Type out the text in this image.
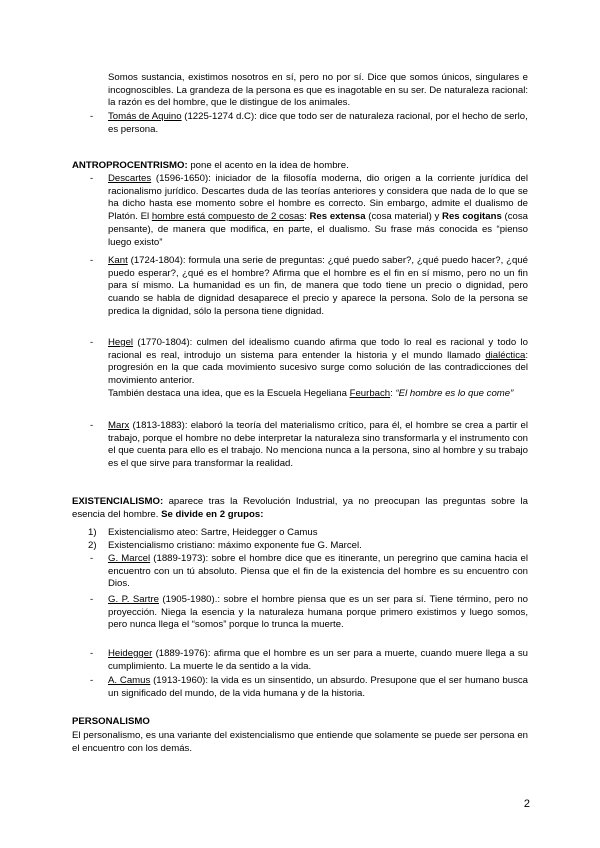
Somos sustancia, existimos nosotros en sí, pero no por sí. Dice que somos únicos, singulares e incognoscibles. La grandeza de la persona es que es inagotable en su ser. De naturaleza racional: la razón es del hombre, que le distingue de los animales.

- Tomás de Aquino (1225-1274 d.C): dice que todo ser de naturaleza racional, por el hecho de serlo, es persona.

ANTROPROCENTRISMO: pone el acento en la idea de hombre.

- Descartes (1596-1650): iniciador de la filosofía moderna, dio origen a la corriente jurídica del racionalismo jurídico. Descartes duda de las teorías anteriores y considera que nada de lo que se ha dicho hasta ese momento sobre el hombre es correcto. Sin embargo, admite el dualismo de Platón. El hombre está compuesto de 2 cosas: Res extensa (cosa material) y Res cogitans (cosa pensante), de manera que modifica, en parte, el dualismo. Su frase más conocida es “pienso luego existo”

- Kant (1724-1804): formula una serie de preguntas: ¿qué puedo saber?, ¿qué puedo hacer?, ¿qué puedo esperar?, ¿qué es el hombre? Afirma que el hombre es el fin en sí mismo, pero no un fin para sí mismo. La humanidad es un fin, de manera que todo tiene un precio o dignidad, pero cuando se habla de dignidad desaparece el precio y aparece la persona. Solo de la persona se predica la dignidad, sólo la persona tiene dignidad.

- Hegel (1770-1804): culmen del idealismo cuando afirma que todo lo real es racional y todo lo racional es real, introdujo un sistema para entender la historia y el mundo llamado dialéctica: progresión en la que cada movimiento sucesivo surge como solución de las contradicciones del movimiento anterior.

También destaca una idea, que es la Escuela Hegeliana Feurbach: “El hombre es lo que come”

- Marx (1813-1883): elaboró la teoría del materialismo crítico, para él, el hombre se crea a partir el trabajo, porque el hombre no debe interpretar la naturaleza sino transformarla y el instrumento con el que cuenta para ello es el trabajo. No menciona nunca a la persona, sino al hombre y su trabajo es el que sirve para transformar la realidad.

EXISTENCIALISMO: aparece tras la Revolución Industrial, ya no preocupan las preguntas sobre la esencia del hombre. Se divide en 2 grupos:

1) Existencialismo ateo: Sartre, Heidegger o Camus

2) Existencialismo cristiano: máximo exponente fue G. Marcel.

- G. Marcel (1889-1973): sobre el hombre dice que es itinerante, un peregrino que camina hacia el encuentro con un tú absoluto. Piensa que el fin de la existencia del hombre es su encuentro con Dios.

- G. P. Sartre (1905-1980).: sobre el hombre piensa que es un ser para sí. Tiene término, pero no proyección. Niega la esencia y la naturaleza humana porque primero existimos y luego somos, pero nunca llega el “somos” porque lo trunca la muerte.

- Heidegger (1889-1976): afirma que el hombre es un ser para a muerte, cuando muere llega a su cumplimiento. La muerte le da sentido a la vida.

- A. Camus (1913-1960): la vida es un sinsentido, un absurdo. Presupone que el ser humano busca un significado del mundo, de la vida humana y de la historia.

PERSONALISMO

El personalismo, es una variante del existencialismo que entiende que solamente se puede ser persona en el encuentro con los demás.

2
